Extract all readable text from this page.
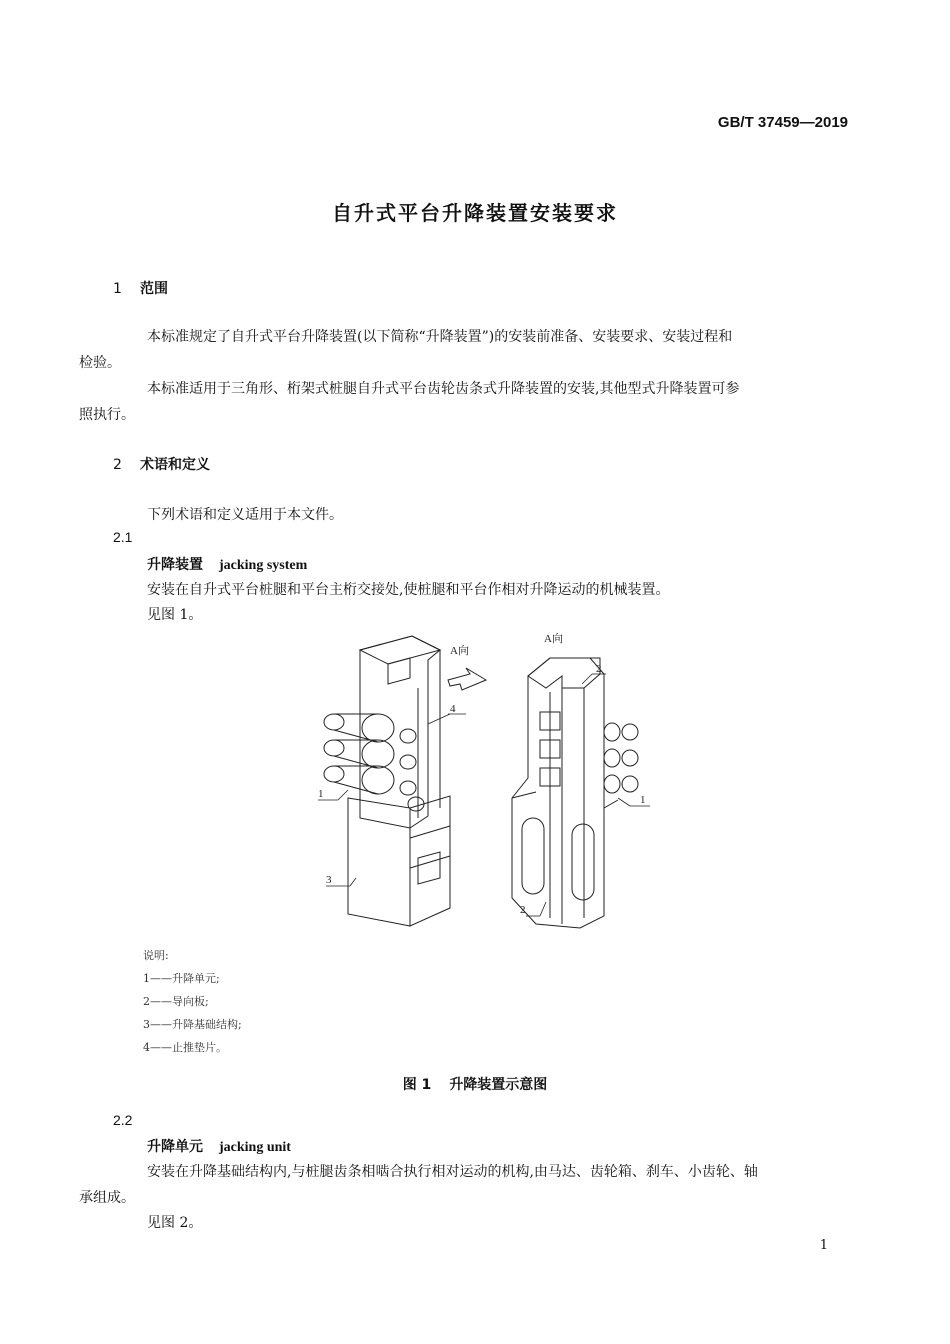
GB/T 37459—2019
自升式平台升降装置安装要求
1 范围
本标准规定了自升式平台升降装置(以下简称“升降装置”)的安装前准备、安装要求、安装过程和
检验。
本标准适用于三角形、桁架式桩腿自升式平台齿轮齿条式升降装置的安装,其他型式升降装置可参
照执行。
2 术语和定义
下列术语和定义适用于本文件。
2.1
升降装置 jacking system
安装在自升式平台桩腿和平台主桁交接处,使桩腿和平台作相对升降运动的机械装置。
见图 1。
A向
A向
4
1
3
2
1
2
说明:
1——升降单元;
2——导向板;
3——升降基础结构;
4——止推垫片。
图 1 升降装置示意图
2.2
升降单元 jacking unit
安装在升降基础结构内,与桩腿齿条相啮合执行相对运动的机构,由马达、齿轮箱、刹车、小齿轮、轴
承组成。
见图 2。
1
